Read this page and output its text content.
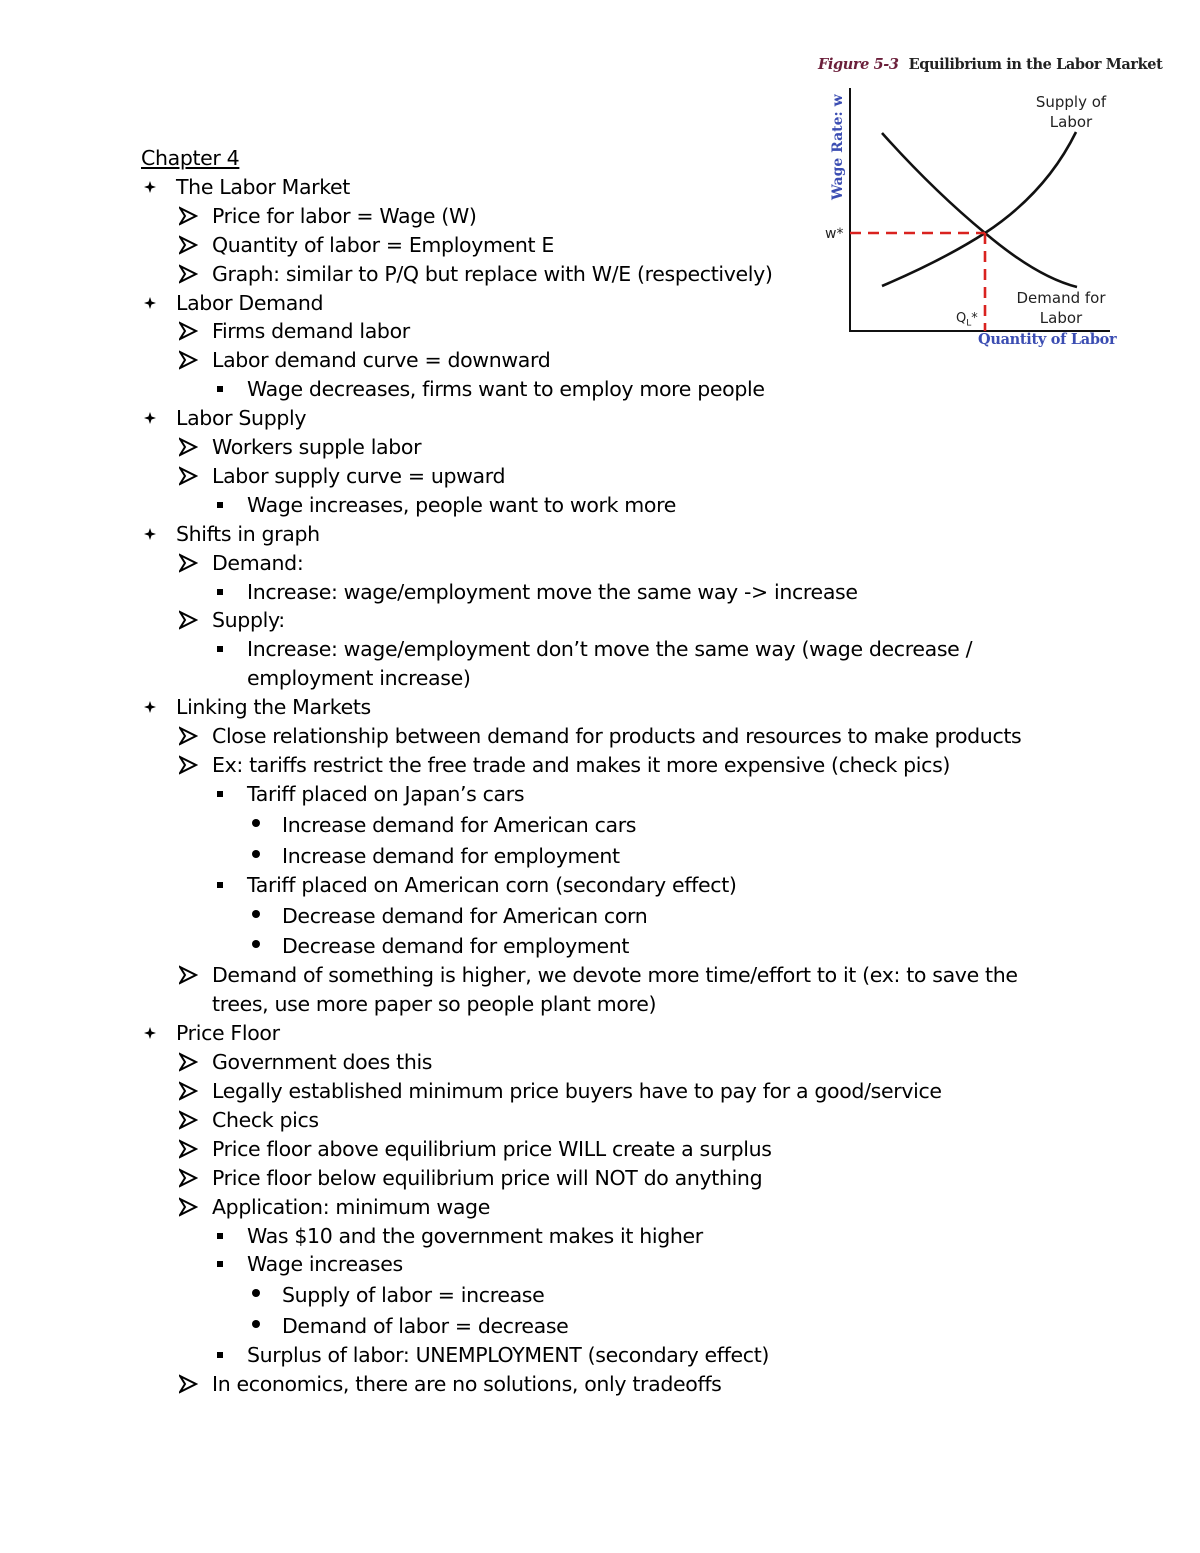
Figure 5-3 Equilibrium in the Labor Market
Wage Rate: w
Quantity of Labor
Supply of
Labor
Demand for
Labor
w*
$Q_L*$
Chapter 4
The Labor Market
Price for labor = Wage (W)
Quantity of labor = Employment E
Graph: similar to P/Q but replace with W/E (respectively)
Labor Demand
Firms demand labor
Labor demand curve = downward
Wage decreases, firms want to employ more people
Labor Supply
Workers supple labor
Labor supply curve = upward
Wage increases, people want to work more
Shifts in graph
Demand:
Increase: wage/employment move the same way -> increase
Supply:
Increase: wage/employment don’t move the same way (wage decrease / employment increase)
Linking the Markets
Close relationship between demand for products and resources to make products
Ex: tariffs restrict the free trade and makes it more expensive (check pics)
Tariff placed on Japan’s cars
Increase demand for American cars
Increase demand for employment
Tariff placed on American corn (secondary effect)
Decrease demand for American corn
Decrease demand for employment
Demand of something is higher, we devote more time/effort to it (ex: to save the trees, use more paper so people plant more)
Price Floor
Government does this
Legally established minimum price buyers have to pay for a good/service
Check pics
Price floor above equilibrium price WILL create a surplus
Price floor below equilibrium price will NOT do anything
Application: minimum wage
Was $10 and the government makes it higher
Wage increases
Supply of labor = increase
Demand of labor = decrease
Surplus of labor: UNEMPLOYMENT (secondary effect)
In economics, there are no solutions, only tradeoffs
